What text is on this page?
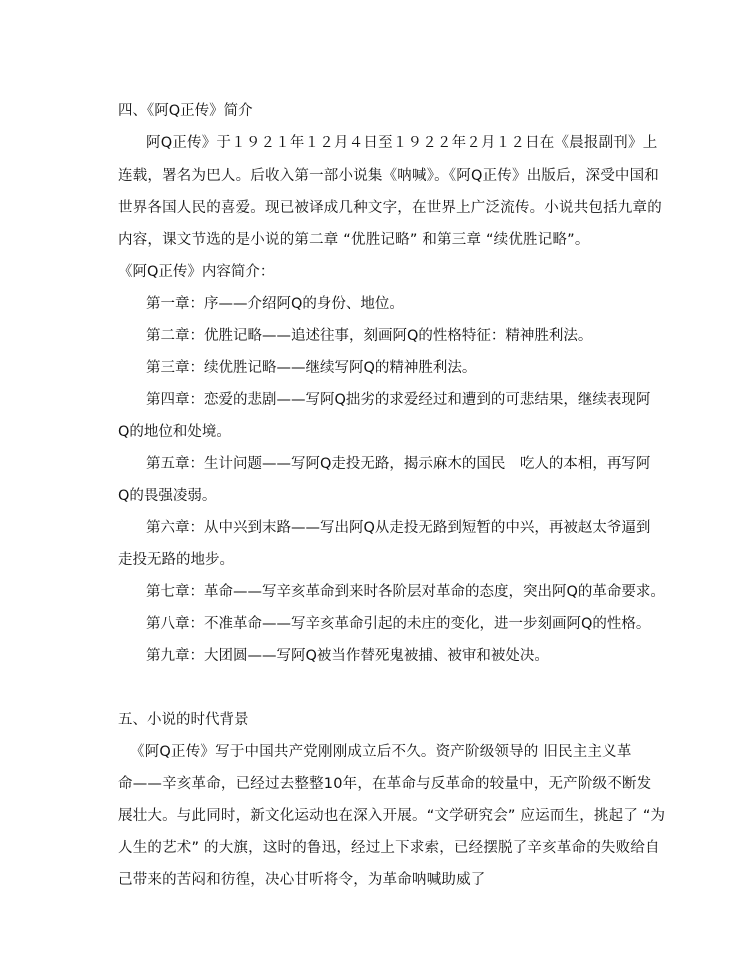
四、《阿Q正传》简介
阿Q正传》于１９２１年１２月４日至１９２２年２月１２日在《晨报副刊》上
连载，署名为巴人。后收入第一部小说集《呐喊》。《阿Q正传》出版后，深受中国和
世界各国人民的喜爱。现已被译成几种文字，在世界上广泛流传。小说共包括九章的
内容，课文节选的是小说的第二章 “优胜记略” 和第三章 “续优胜记略”。
《阿Q正传》内容简介：
第一章：序——介绍阿Q的身份、地位。
第二章：优胜记略——追述往事，刻画阿Q的性格特征：精神胜利法。
第三章：续优胜记略——继续写阿Q的精神胜利法。
第四章：恋爱的悲剧——写阿Q拙劣的求爱经过和遭到的可悲结果，继续表现阿
Q的地位和处境。
第五章：生计问题——写阿Q走投无路，揭示麻木的国民　吃人的本相，再写阿
Q的畏强凌弱。
第六章：从中兴到末路——写出阿Q从走投无路到短暂的中兴，再被赵太爷逼到
走投无路的地步。
第七章：革命——写辛亥革命到来时各阶层对革命的态度，突出阿Q的革命要求。
第八章：不准革命——写辛亥革命引起的未庄的变化，进一步刻画阿Q的性格。
第九章：大团圆——写阿Q被当作替死鬼被捕、被审和被处决。
五、小说的时代背景
《阿Q正传》写于中国共产党刚刚成立后不久。资产阶级领导的 旧民主主义革
命——辛亥革命，已经过去整整10年，在革命与反革命的较量中，无产阶级不断发
展壮大。与此同时，新文化运动也在深入开展。“文学研究会” 应运而生，挑起了 “为
人生的艺术” 的大旗，这时的鲁迅，经过上下求索，已经摆脱了辛亥革命的失败给自
己带来的苦闷和彷徨，决心甘听将令，为革命呐喊助威了
